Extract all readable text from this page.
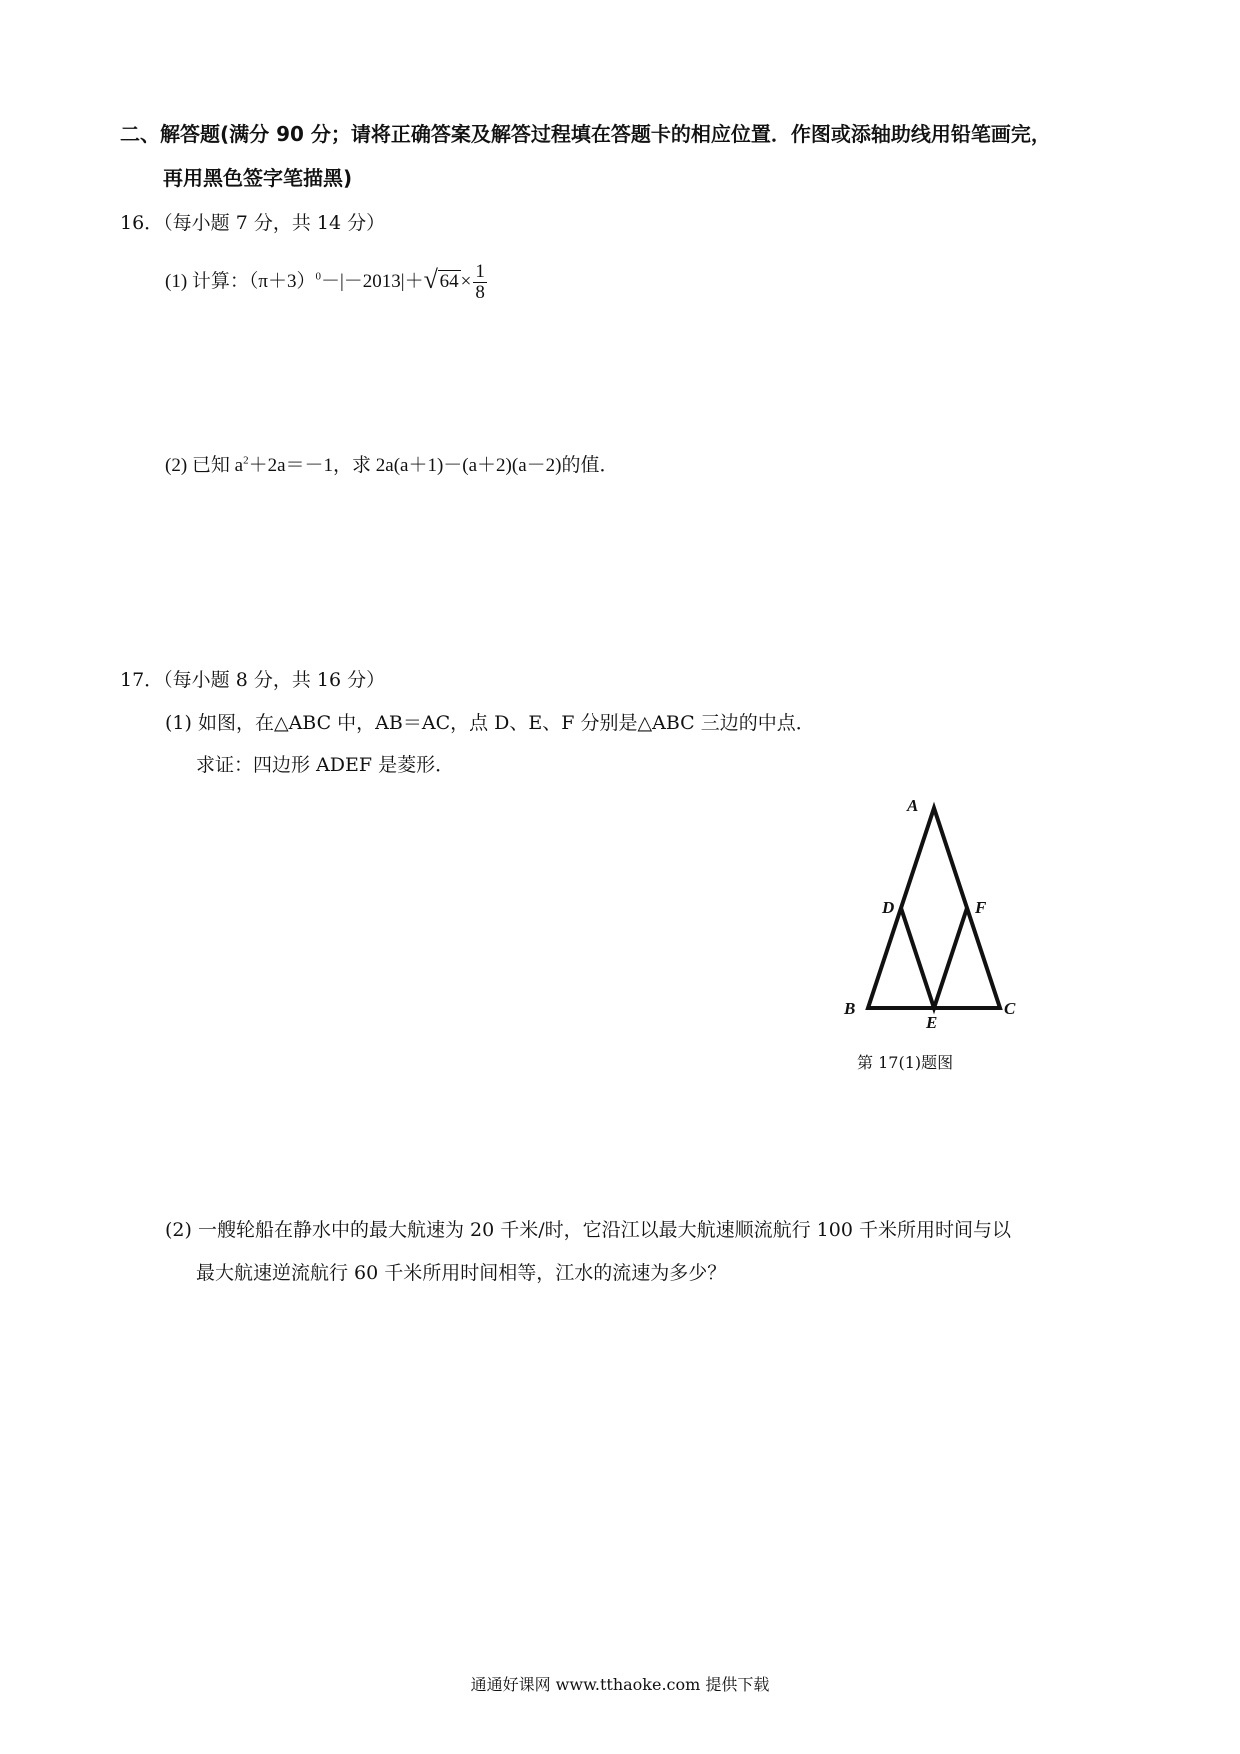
二、解答题(满分 90 分；请将正确答案及解答过程填在答题卡的相应位置．作图或添轴助线用铅笔画完，
再用黑色签字笔描黑)
16．（每小题 7 分，共 14 分）
(1) 计算：$(\pi+3)^0-|-2013|+$ √ $64 \times \frac{1}{8}$
(2) 已知 $a^2+2a=-1$，求 2a(a＋1)－(a＋2)(a－2)的值．
17．（每小题 8 分，共 16 分）
(1) 如图，在△ABC 中，AB＝AC，点 D、E、F 分别是△ABC 三边的中点．
求证：四边形 ADEF 是菱形．
A
D	F
B
E
C
第 17(1)题图
(2) 一艘轮船在静水中的最大航速为 20 千米/时，它沿江以最大航速顺流航行 100 千米所用时间与以
最大航速逆流航行 60 千米所用时间相等，江水的流速为多少？
通通好课网 www.tthaoke.com 提供下载
